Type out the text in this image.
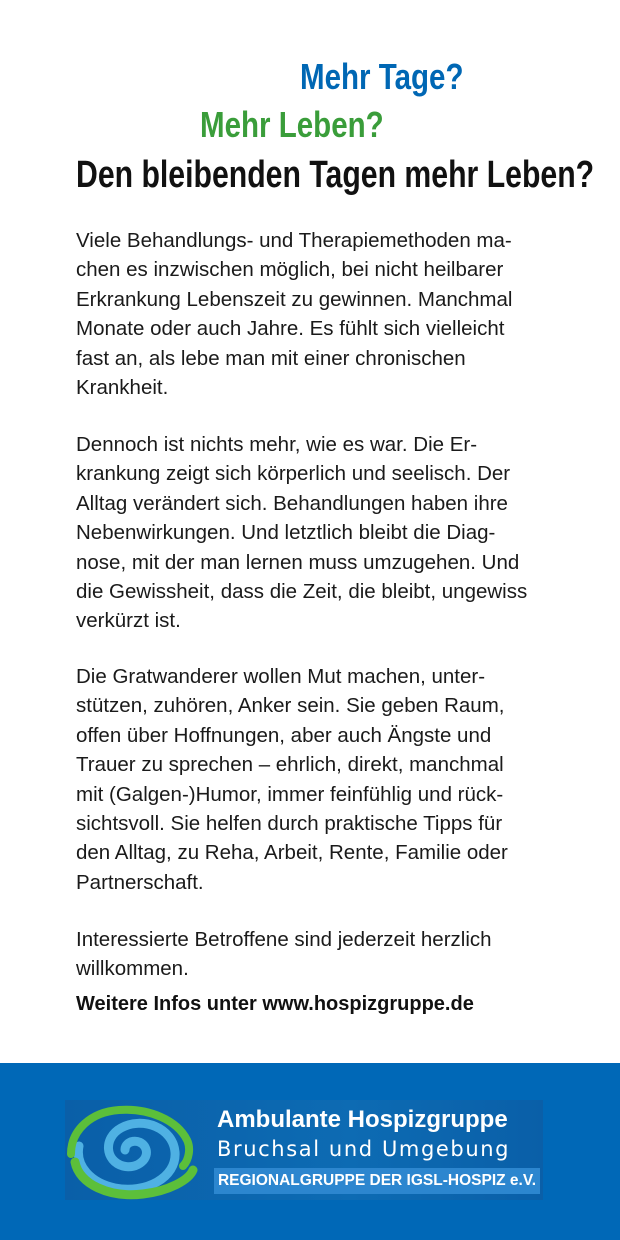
Mehr Tage?
Mehr Leben?
Den bleibenden Tagen mehr Leben?

Viele Behandlungs- und Therapiemethoden ma-
chen es inzwischen möglich, bei nicht heilbarer
Erkrankung Lebenszeit zu gewinnen. Manchmal
Monate oder auch Jahre. Es fühlt sich vielleicht
fast an, als lebe man mit einer chronischen
Krankheit.

Dennoch ist nichts mehr, wie es war. Die Er-
krankung zeigt sich körperlich und seelisch. Der
Alltag verändert sich. Behandlungen haben ihre
Nebenwirkungen. Und letztlich bleibt die Diag-
nose, mit der man lernen muss umzugehen. Und
die Gewissheit, dass die Zeit, die bleibt, ungewiss
verkürzt ist.

Die Gratwanderer wollen Mut machen, unter-
stützen, zuhören, Anker sein. Sie geben Raum,
offen über Hoffnungen, aber auch Ängste und
Trauer zu sprechen – ehrlich, direkt, manchmal
mit (Galgen-)Humor, immer feinfühlig und rück-
sichtsvoll. Sie helfen durch praktische Tipps für
den Alltag, zu Reha, Arbeit, Rente, Familie oder
Partnerschaft.

Interessierte Betroffene sind jederzeit herzlich
willkommen.

Weitere Infos unter www.hospizgruppe.de
Ambulante Hospizgruppe
Bruchsal und Umgebung
REGIONALGRUPPE DER IGSL-HOSPIZ e.V.
